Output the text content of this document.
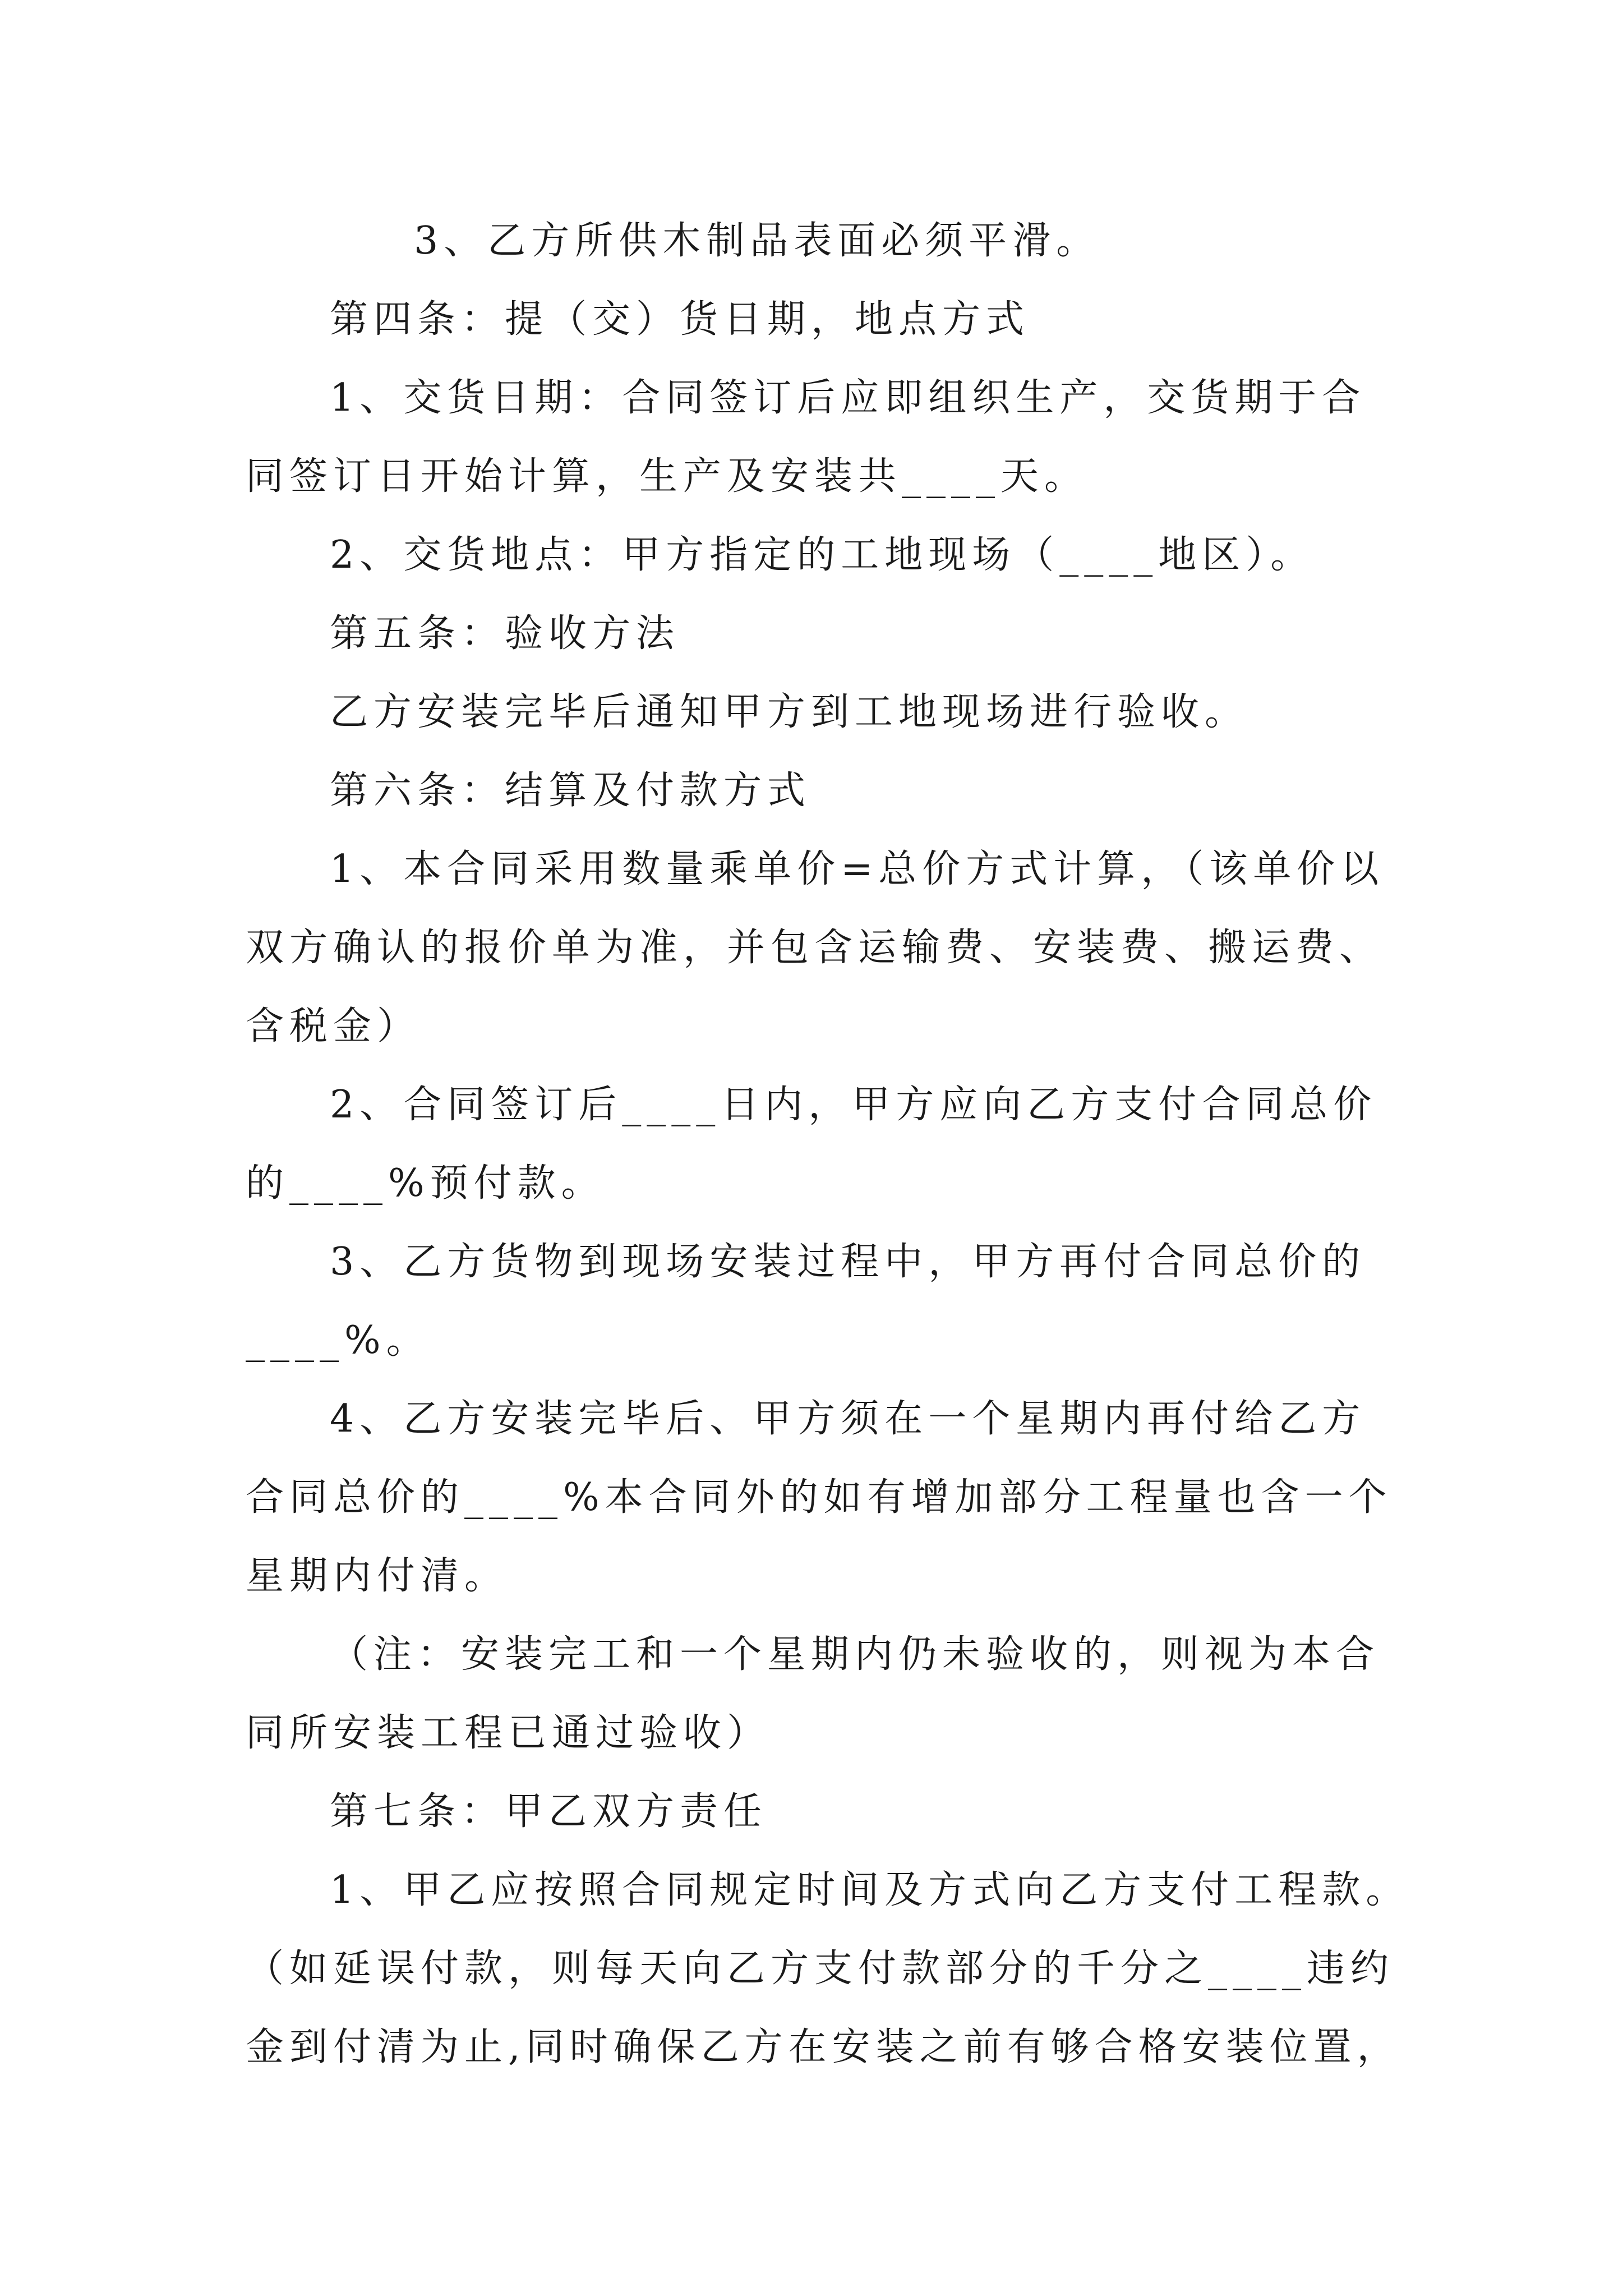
3、乙方所供木制品表面必须平滑。
第四条：提（交）货日期，地点方式
1、交货日期：合同签订后应即组织生产，交货期于合
同签订日开始计算，生产及安装共____天。
2、交货地点：甲方指定的工地现场（____地区）。
第五条：验收方法
乙方安装完毕后通知甲方到工地现场进行验收。
第六条：结算及付款方式
1、本合同采用数量乘单价=总价方式计算，（该单价以
双方确认的报价单为准，并包含运输费、安装费、搬运费、
含税金）
2、合同签订后____日内，甲方应向乙方支付合同总价
的____%预付款。
3、乙方货物到现场安装过程中，甲方再付合同总价的
____%。
4、乙方安装完毕后、甲方须在一个星期内再付给乙方
合同总价的____%本合同外的如有增加部分工程量也含一个
星期内付清。
（注：安装完工和一个星期内仍未验收的，则视为本合
同所安装工程已通过验收）
第七条：甲乙双方责任
1、甲乙应按照合同规定时间及方式向乙方支付工程款。
（如延误付款，则每天向乙方支付款部分的千分之____违约
金到付清为止,同时确保乙方在安装之前有够合格安装位置，
